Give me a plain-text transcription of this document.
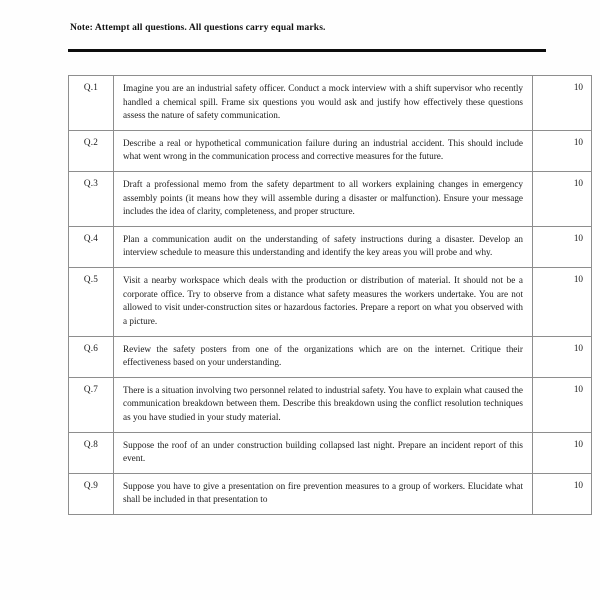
Note: Attempt all questions. All questions carry equal marks.
Q.1	Imagine you are an industrial safety officer. Conduct a mock interview with a shift supervisor who recently handled a chemical spill. Frame six questions you would ask and justify how effectively these questions assess the nature of safety communication.	10
Q.2	Describe a real or hypothetical communication failure during an industrial accident. This should include what went wrong in the communication process and corrective measures for the future.	10
Q.3	Draft a professional memo from the safety department to all workers explaining changes in emergency assembly points (it means how they will assemble during a disaster or malfunction). Ensure your message includes the idea of clarity, completeness, and proper structure.	10
Q.4	Plan a communication audit on the understanding of safety instructions during a disaster. Develop an interview schedule to measure this understanding and identify the key areas you will probe and why.	10
Q.5	Visit a nearby workspace which deals with the production or distribution of material. It should not be a corporate office. Try to observe from a distance what safety measures the workers undertake. You are not allowed to visit under-construction sites or hazardous factories. Prepare a report on what you observed with a picture.	10
Q.6	Review the safety posters from one of the organizations which are on the internet. Critique their effectiveness based on your understanding.	10
Q.7	There is a situation involving two personnel related to industrial safety. You have to explain what caused the communication breakdown between them. Describe this breakdown using the conflict resolution techniques as you have studied in your study material.	10
Q.8	Suppose the roof of an under construction building collapsed last night. Prepare an incident report of this event.	10
Q.9	Suppose you have to give a presentation on fire prevention measures to a group of workers. Elucidate what shall be included in that presentation to	10
